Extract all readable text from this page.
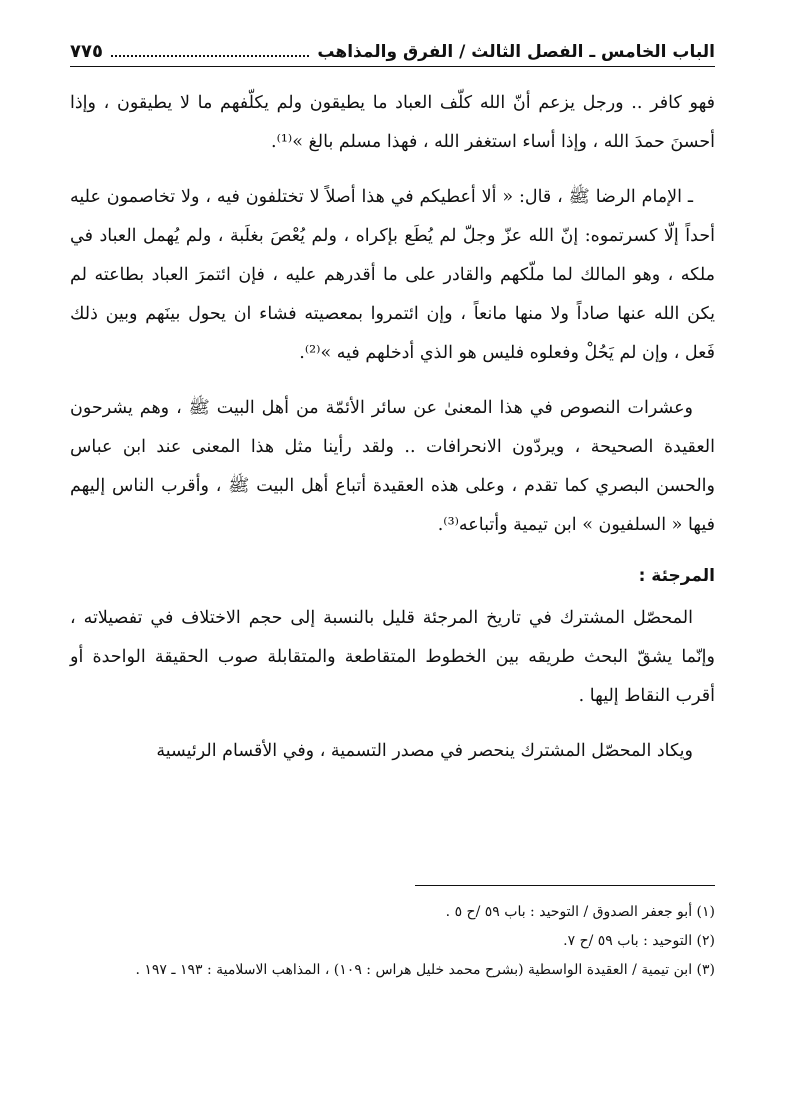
الباب الخامس ـ الفصل الثالث / الفرق والمذاهب
٧٧٥

فهو كافر .. ورجل يزعم أنّ الله كلّف العباد ما يطيقون ولم يكلّفهم ما لا يطيقون ، وإذا أحسنَ حمدَ الله ، وإذا أساء استغفر الله ، فهذا مسلم بالغ »⁽¹⁾.

ـ الإمام الرضا ﷺ ، قال: « ألا أعطيكم في هذا أصلاً لا تختلفون فيه ، ولا تخاصمون عليه أحداً إلّا كسرتموه: إنّ الله عزّ وجلّ لم يُطَع بإكراه ، ولم يُعْصَ بغلَبة ، ولم يُهمل العباد في ملكه ، وهو المالك لما ملّكهم والقادر على ما أقدرهم عليه ، فإن ائتمرَ العباد بطاعته لم يكن الله عنها صاداً ولا منها مانعاً ، وإن ائتمروا بمعصيته فشاء ان يحول بينَهم وبين ذلك فَعل ، وإن لم يَحُلْ وفعلوه فليس هو الذي أدخلهم فيه »⁽²⁾.

وعشرات النصوص في هذا المعنىٰ عن سائر الأئمّة من أهل البيت ﷺ ، وهم يشرحون العقيدة الصحيحة ، ويردّون الانحرافات .. ولقد رأينا مثل هذا المعنى عند ابن عباس والحسن البصري كما تقدم ، وعلى هذه العقيدة أتباع أهل البيت ﷺ ، وأقرب الناس إليهم فيها « السلفيون » ابن تيمية وأتباعه⁽³⁾.

المرجئة :

المحصّل المشترك في تاريخ المرجئة قليل بالنسبة إلى حجم الاختلاف في تفصيلاته ، وإنّما يشقّ البحث طريقه بين الخطوط المتقاطعة والمتقابلة صوب الحقيقة الواحدة أو أقرب النقاط إليها .

ويكاد المحصّل المشترك ينحصر في مصدر التسمية ، وفي الأقسام الرئيسية

(١) أبو جعفر الصدوق / التوحيد : باب ٥٩ /ح ٥ .
(٢) التوحيد : باب ٥٩ /ح ٧.
(٣) ابن تيمية / العقيدة الواسطية (بشرح محمد خليل هراس : ١٠٩) ، المذاهب الاسلامية : ١٩٣ ـ ١٩٧ .
